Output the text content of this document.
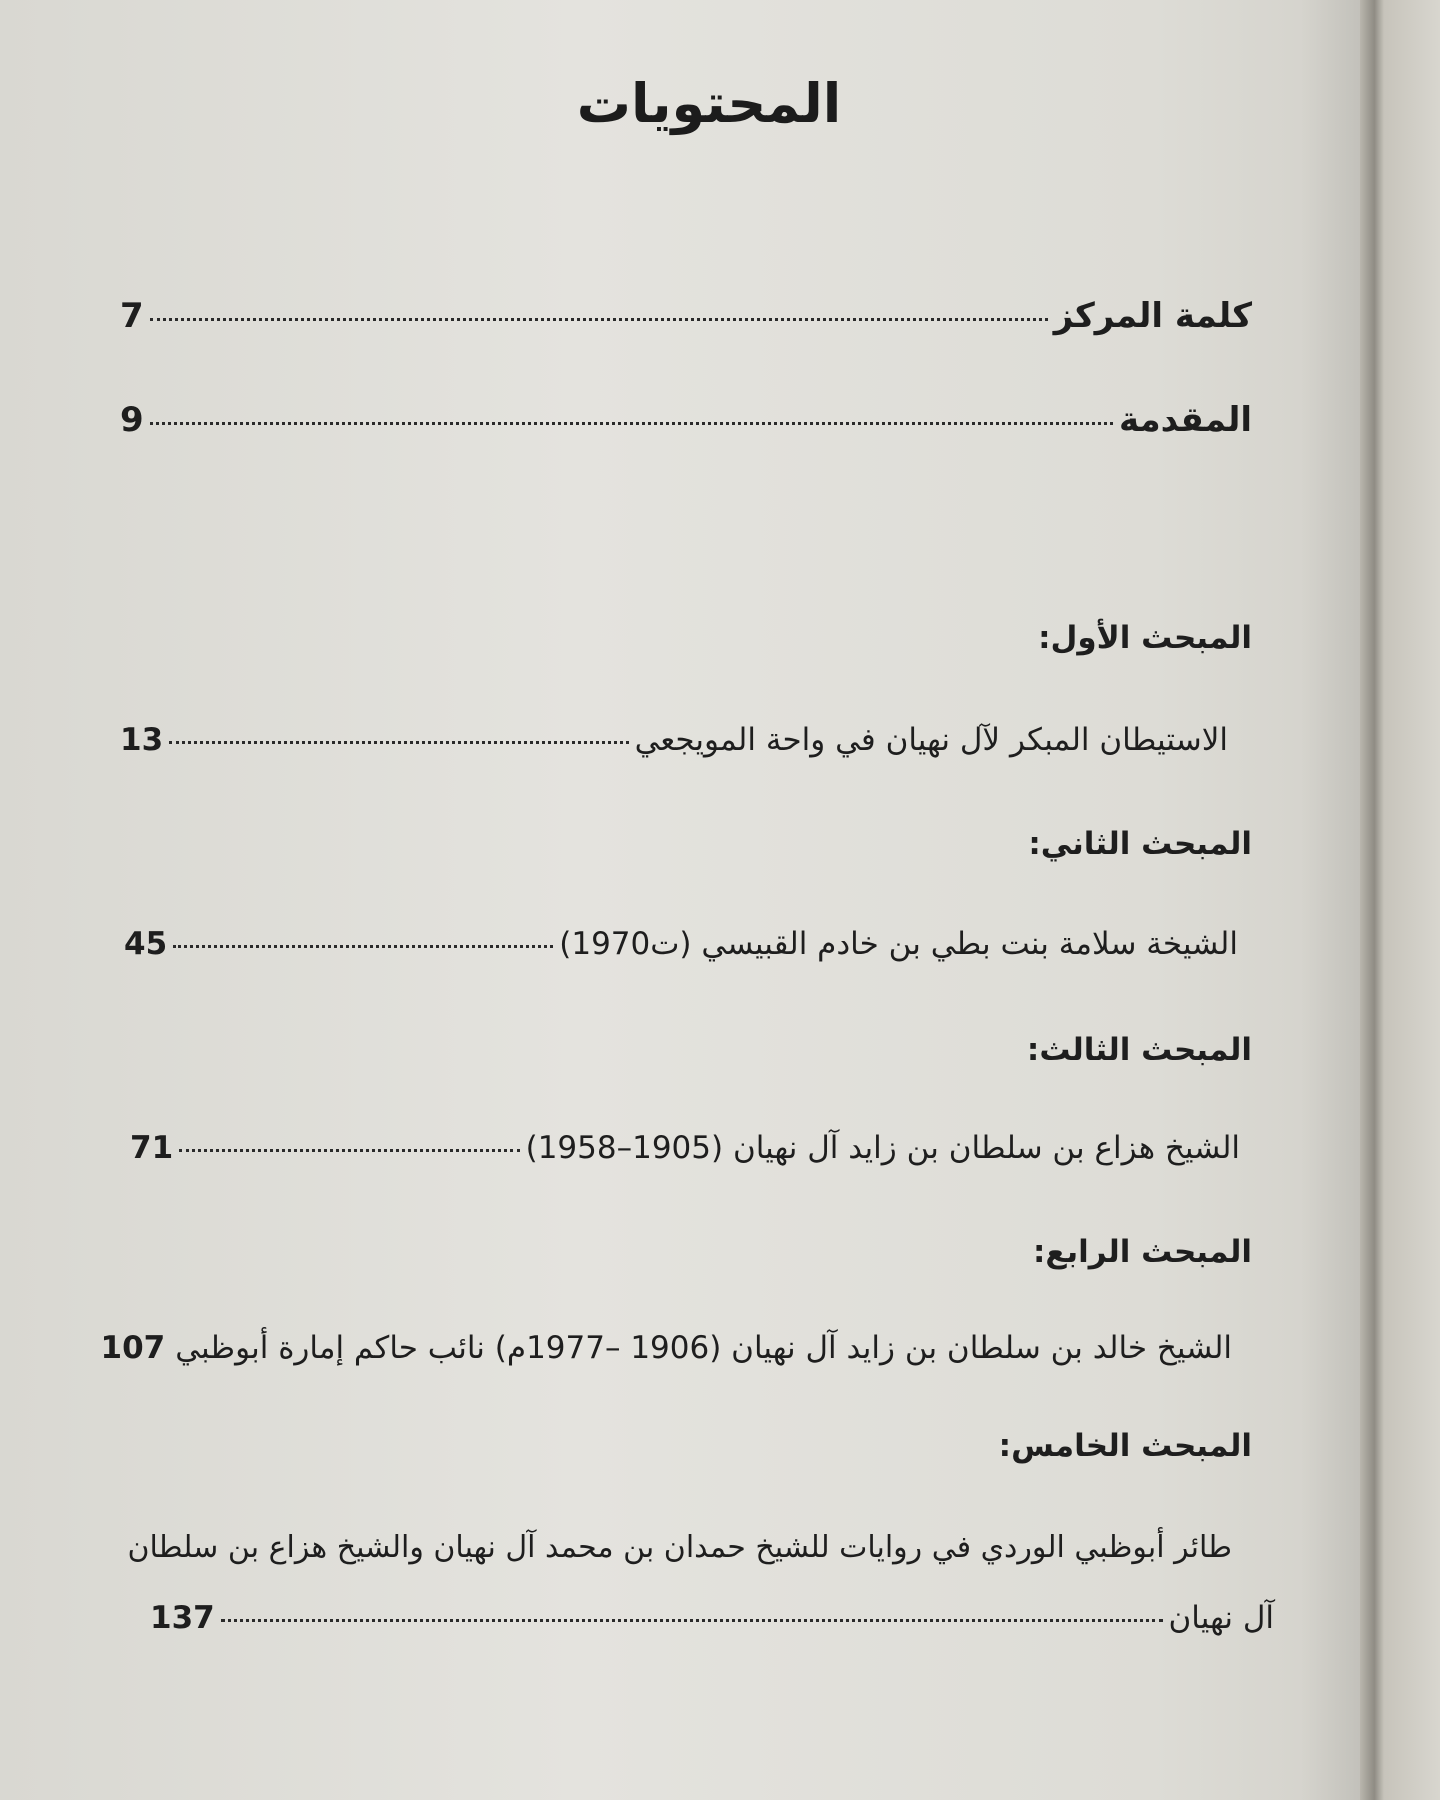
المحتويات
كلمة المركز
7
المقدمة
9
المبحث الأول:
الاستيطان المبكر لآل نهيان في واحة المويجعي
13
المبحث الثاني:
الشيخة سلامة بنت بطي بن خادم القبيسي (ت1970)
45
المبحث الثالث:
الشيخ هزاع بن سلطان بن زايد آل نهيان (1905–1958)
71
المبحث الرابع:
الشيخ خالد بن سلطان بن زايد آل نهيان (1906 –1977م) نائب حاكم إمارة أبوظبي
107
المبحث الخامس:
طائر أبوظبي الوردي في روايات للشيخ حمدان بن محمد آل نهيان والشيخ هزاع بن سلطان
آل نهيان
137
